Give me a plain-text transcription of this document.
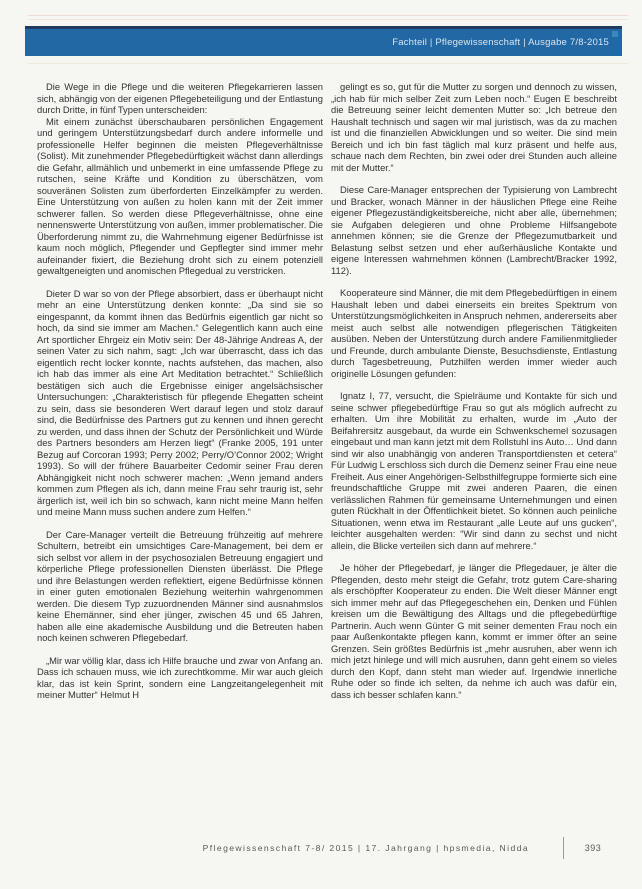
Fachteil | Pflegewissenschaft | Ausgabe 7/8-2015

Die Wege in die Pflege und die weiteren Pflegekarrieren lassen sich, abhängig von der eigenen Pflegebeteiligung und der Entlastung durch Dritte, in fünf Typen unterscheiden:

Mit einem zunächst überschaubaren persönlichen Engagement und geringem Unterstützungsbedarf durch andere informelle und professionelle Helfer beginnen die meisten Pflegeverhältnisse (Solist). Mit zunehmender Pflegebedürftigkeit wächst dann allerdings die Gefahr, allmählich und unbemerkt in eine umfassende Pflege zu rutschen, seine Kräfte und Kondition zu überschätzen, vom souveränen Solisten zum überforderten Einzelkämpfer zu werden. Eine Unterstützung von außen zu holen kann mit der Zeit immer schwerer fallen. So werden diese Pflegeverhältnisse, ohne eine nennenswerte Unterstützung von außen, immer problematischer. Die Überforderung nimmt zu, die Wahrnehmung eigener Bedürfnisse ist kaum noch möglich, Pflegender und Gepflegter sind immer mehr aufeinander fixiert, die Beziehung droht sich zu einem potenziell gewaltgeneigten und anomischen Pflegedual zu verstricken.

Dieter D war so von der Pflege absorbiert, dass er überhaupt nicht mehr an eine Unterstützung denken konnte: „Da sind sie so eingespannt, da kommt ihnen das Bedürfnis eigentlich gar nicht so hoch, da sind sie immer am Machen.“ Gelegentlich kann auch eine Art sportlicher Ehrgeiz ein Motiv sein: Der 48-Jährige Andreas A, der seinen Vater zu sich nahm, sagt: „Ich war überrascht, dass ich das eigentlich recht locker konnte, nachts aufstehen, das machen, also ich hab das immer als eine Art Meditation betrachtet.“ Schließlich bestätigen sich auch die Ergebnisse einiger angelsächsischer Untersuchungen: „Charakteristisch für pflegende Ehegatten scheint zu sein, dass sie besonderen Wert darauf legen und stolz darauf sind, die Bedürfnisse des Partners gut zu kennen und ihnen gerecht zu werden, und dass ihnen der Schutz der Persönlichkeit und Würde des Partners besonders am Herzen liegt“ (Franke 2005, 191 unter Bezug auf Corcoran 1993; Perry 2002; Perry/O’Connor 2002; Wright 1993). So will der frühere Bauarbeiter Cedomir seiner Frau deren Abhängigkeit nicht noch schwerer machen: „Wenn jemand anders kommen zum Pflegen als ich, dann meine Frau sehr traurig ist, sehr ärgerlich ist, weil ich bin so schwach, kann nicht meine Mann helfen und meine Mann muss suchen andere zum Helfen.“

Der Care-Manager verteilt die Betreuung frühzeitig auf mehrere Schultern, betreibt ein umsichtiges Care-Management, bei dem er sich selbst vor allem in der psychosozialen Betreuung engagiert und körperliche Pflege professionellen Diensten überlässt. Die Pflege und ihre Belastungen werden reflektiert, eigene Bedürfnisse können in einer guten emotionalen Beziehung weiterhin wahrgenommen werden. Die diesem Typ zuzuordnenden Männer sind ausnahmslos keine Ehemänner, sind eher jünger, zwischen 45 und 65 Jahren, haben alle eine akademische Ausbildung und die Betreuten haben noch keinen schweren Pflegebedarf.

„Mir war völlig klar, dass ich Hilfe brauche und zwar von Anfang an. Dass ich schauen muss, wie ich zurechtkomme. Mir war auch gleich klar, das ist kein Sprint, sondern eine Langzeitangelegenheit mit meiner Mutter“ Helmut H

gelingt es so, gut für die Mutter zu sorgen und dennoch zu wissen, „ich hab für mich selber Zeit zum Leben noch.“ Eugen E beschreibt die Betreuung seiner leicht dementen Mutter so: „Ich betreue den Haushalt technisch und sagen wir mal juristisch, was da zu machen ist und die finanziellen Abwicklungen und so weiter. Die sind mein Bereich und ich bin fast täglich mal kurz präsent und helfe aus, schaue nach dem Rechten, bin zwei oder drei Stunden auch alleine mit der Mutter.“

Diese Care-Manager entsprechen der Typisierung von Lambrecht und Bracker, wonach Männer in der häuslichen Pflege eine Reihe eigener Pflegezuständigkeitsbereiche, nicht aber alle, übernehmen; sie Aufgaben delegieren und ohne Probleme Hilfsangebote annehmen können; sie die Grenze der Pflegezumutbarkeit und Belastung selbst setzen und eher außerhäusliche Kontakte und eigene Interessen wahrnehmen können (Lambrecht/Bracker 1992, 112).

Kooperateure sind Männer, die mit dem Pflegebedürftigen in einem Haushalt leben und dabei einerseits ein breites Spektrum von Unterstützungsmöglichkeiten in Anspruch nehmen, andererseits aber meist auch selbst alle notwendigen pflegerischen Tätigkeiten ausüben. Neben der Unterstützung durch andere Familienmitglieder und Freunde, durch ambulante Dienste, Besuchsdienste, Entlastung durch Tagesbetreuung, Putzhilfen werden immer wieder auch originelle Lösungen gefunden:

Ignatz I, 77, versucht, die Spielräume und Kontakte für sich und seine schwer pflegebedürftige Frau so gut als möglich aufrecht zu erhalten. Um ihre Mobilität zu erhalten, wurde im „Auto der Beifahrersitz ausgebaut, da wurde ein Schwenkschemel sozusagen eingebaut und man kann jetzt mit dem Rollstuhl ins Auto… Und dann sind wir also unabhängig von anderen Transportdiensten et cetera“ Für Ludwig L erschloss sich durch die Demenz seiner Frau eine neue Freiheit. Aus einer Angehörigen-Selbsthilfegruppe formierte sich eine freundschaftliche Gruppe mit zwei anderen Paaren, die einen verlässlichen Rahmen für gemeinsame Unternehmungen und einen guten Rückhalt in der Öffentlichkeit bietet. So können auch peinliche Situationen, wenn etwa im Restaurant „alle Leute auf uns gucken“, leichter ausgehalten werden: “Wir sind dann zu sechst und nicht allein, die Blicke verteilen sich dann auf mehrere.“

Je höher der Pflegebedarf, je länger die Pflegedauer, je älter die Pflegenden, desto mehr steigt die Gefahr, trotz gutem Care-sharing als erschöpfter Kooperateur zu enden. Die Welt dieser Männer engt sich immer mehr auf das Pflegegeschehen ein, Denken und Fühlen kreisen um die Bewältigung des Alltags und die pflegebedürftige Partnerin. Auch wenn Günter G mit seiner dementen Frau noch ein paar Außenkontakte pflegen kann, kommt er immer öfter an seine Grenzen. Sein größtes Bedürfnis ist „mehr ausruhen, aber wenn ich mich jetzt hinlege und will mich ausruhen, dann geht einem so vieles durch den Kopf, dann steht man wieder auf. Irgendwie innerliche Ruhe oder so finde ich selten, da nehme ich auch was dafür ein, dass ich besser schlafen kann.“

Pflegewissenschaft 7-8/ 2015 | 17. Jahrgang | hpsmedia, Nidda	393
